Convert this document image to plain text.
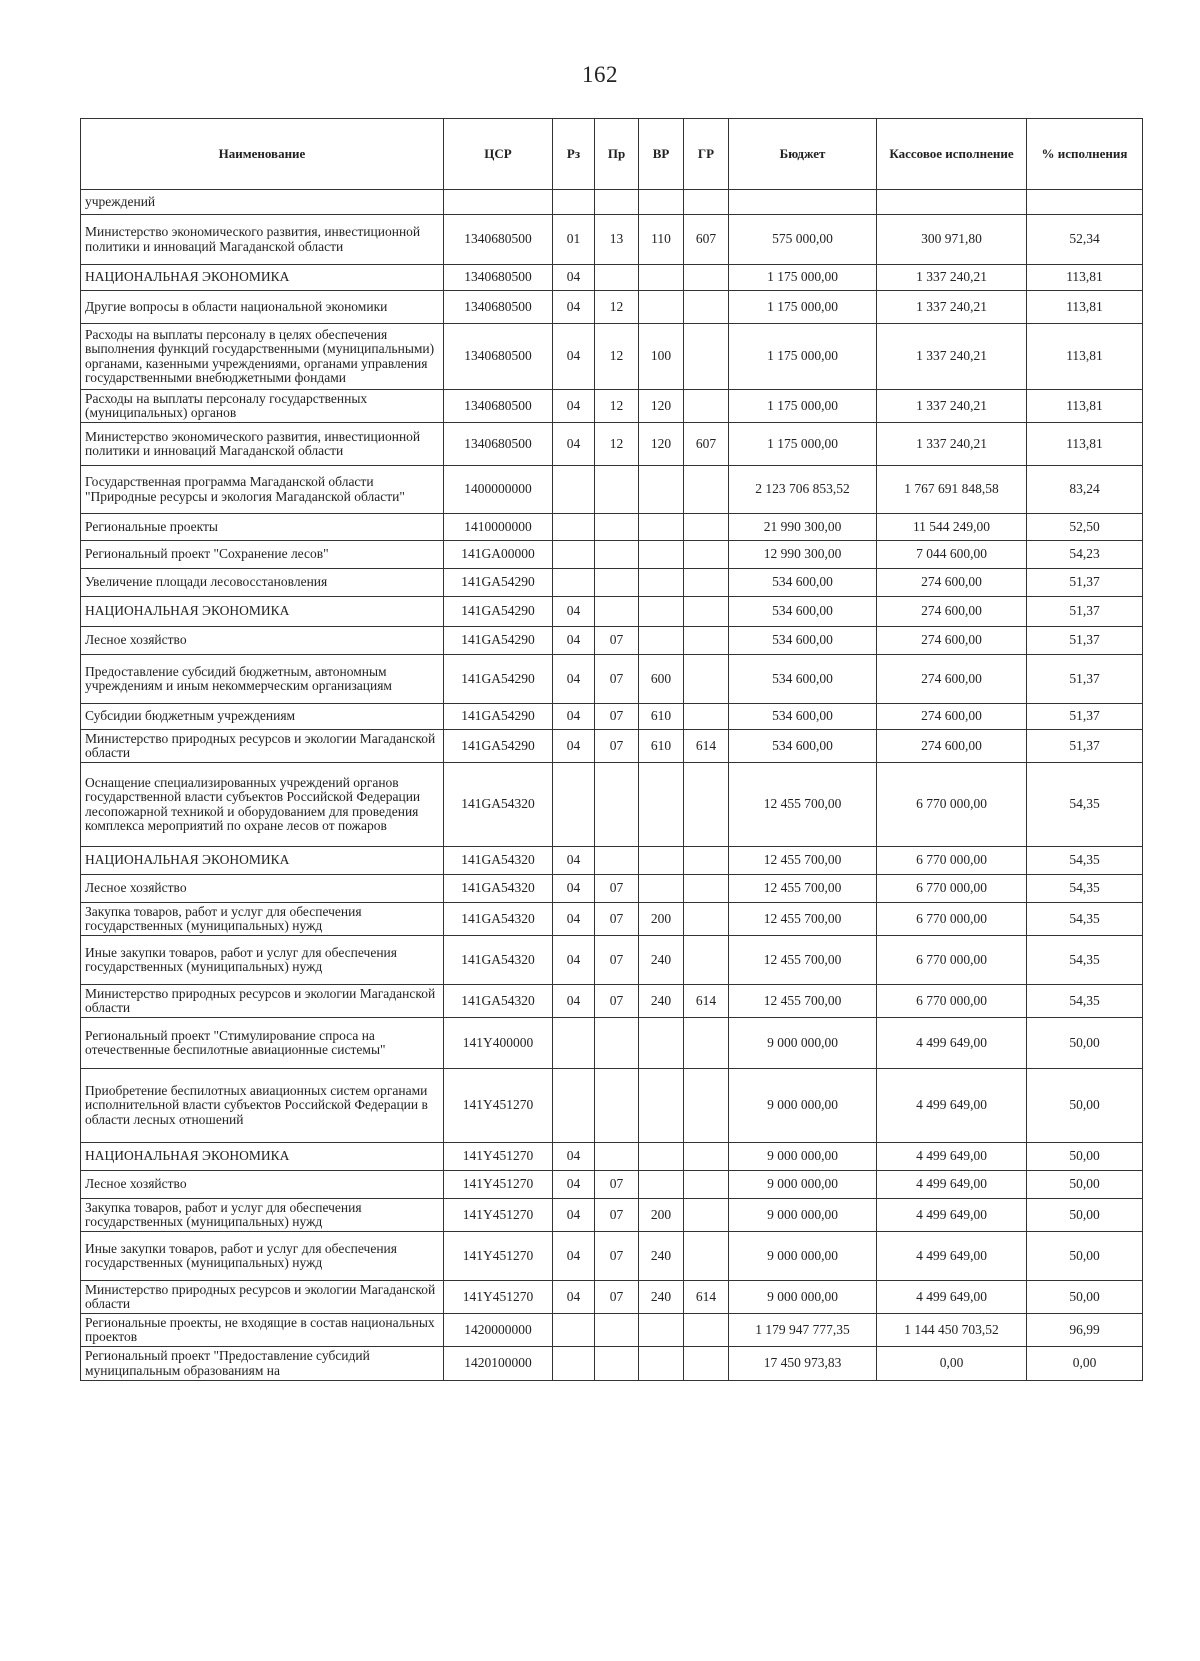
162
Наименование	ЦСР	Рз	Пр	ВР	ГР	Бюджет	Кассовое исполнение	% исполнения
учреждений								
Министерство экономического развития, инвестиционной политики и инноваций Магаданской области	1340680500	01	13	110	607	575 000,00	300 971,80	52,34
НАЦИОНАЛЬНАЯ ЭКОНОМИКА	1340680500	04				1 175 000,00	1 337 240,21	113,81
Другие вопросы в области национальной экономики	1340680500	04	12			1 175 000,00	1 337 240,21	113,81
Расходы на выплаты персоналу в целях обеспечения выполнения функций государственными (муниципальными) органами, казенными учреждениями, органами управления государственными внебюджетными фондами	1340680500	04	12	100		1 175 000,00	1 337 240,21	113,81
Расходы на выплаты персоналу государственных (муниципальных) органов	1340680500	04	12	120		1 175 000,00	1 337 240,21	113,81
Министерство экономического развития, инвестиционной политики и инноваций Магаданской области	1340680500	04	12	120	607	1 175 000,00	1 337 240,21	113,81
Государственная программа Магаданской области "Природные ресурсы и экология Магаданской области"	1400000000					2 123 706 853,52	1 767 691 848,58	83,24
Региональные проекты	1410000000					21 990 300,00	11 544 249,00	52,50
Региональный проект "Сохранение лесов"	141GA00000					12 990 300,00	7 044 600,00	54,23
Увеличение площади лесовосстановления	141GA54290					534 600,00	274 600,00	51,37
НАЦИОНАЛЬНАЯ ЭКОНОМИКА	141GA54290	04				534 600,00	274 600,00	51,37
Лесное хозяйство	141GA54290	04	07			534 600,00	274 600,00	51,37
Предоставление субсидий бюджетным, автономным учреждениям и иным некоммерческим организациям	141GA54290	04	07	600		534 600,00	274 600,00	51,37
Субсидии бюджетным учреждениям	141GA54290	04	07	610		534 600,00	274 600,00	51,37
Министерство природных ресурсов и экологии Магаданской области	141GA54290	04	07	610	614	534 600,00	274 600,00	51,37
Оснащение специализированных учреждений органов государственной власти субъектов Российской Федерации лесопожарной техникой и оборудованием для проведения комплекса мероприятий по охране лесов от пожаров	141GA54320					12 455 700,00	6 770 000,00	54,35
НАЦИОНАЛЬНАЯ ЭКОНОМИКА	141GA54320	04				12 455 700,00	6 770 000,00	54,35
Лесное хозяйство	141GA54320	04	07			12 455 700,00	6 770 000,00	54,35
Закупка товаров, работ и услуг для обеспечения государственных (муниципальных) нужд	141GA54320	04	07	200		12 455 700,00	6 770 000,00	54,35
Иные закупки товаров, работ и услуг для обеспечения государственных (муниципальных) нужд	141GA54320	04	07	240		12 455 700,00	6 770 000,00	54,35
Министерство природных ресурсов и экологии Магаданской области	141GA54320	04	07	240	614	12 455 700,00	6 770 000,00	54,35
Региональный проект "Стимулирование спроса на отечественные беспилотные авиационные системы"	141Y400000					9 000 000,00	4 499 649,00	50,00
Приобретение беспилотных авиационных систем органами исполнительной власти субъектов Российской Федерации в области лесных отношений	141Y451270					9 000 000,00	4 499 649,00	50,00
НАЦИОНАЛЬНАЯ ЭКОНОМИКА	141Y451270	04				9 000 000,00	4 499 649,00	50,00
Лесное хозяйство	141Y451270	04	07			9 000 000,00	4 499 649,00	50,00
Закупка товаров, работ и услуг для обеспечения государственных (муниципальных) нужд	141Y451270	04	07	200		9 000 000,00	4 499 649,00	50,00
Иные закупки товаров, работ и услуг для обеспечения государственных (муниципальных) нужд	141Y451270	04	07	240		9 000 000,00	4 499 649,00	50,00
Министерство природных ресурсов и экологии Магаданской области	141Y451270	04	07	240	614	9 000 000,00	4 499 649,00	50,00
Региональные проекты, не входящие в состав национальных проектов	1420000000					1 179 947 777,35	1 144 450 703,52	96,99
Региональный проект "Предоставление субсидий муниципальным образованиям на	1420100000					17 450 973,83	0,00	0,00
